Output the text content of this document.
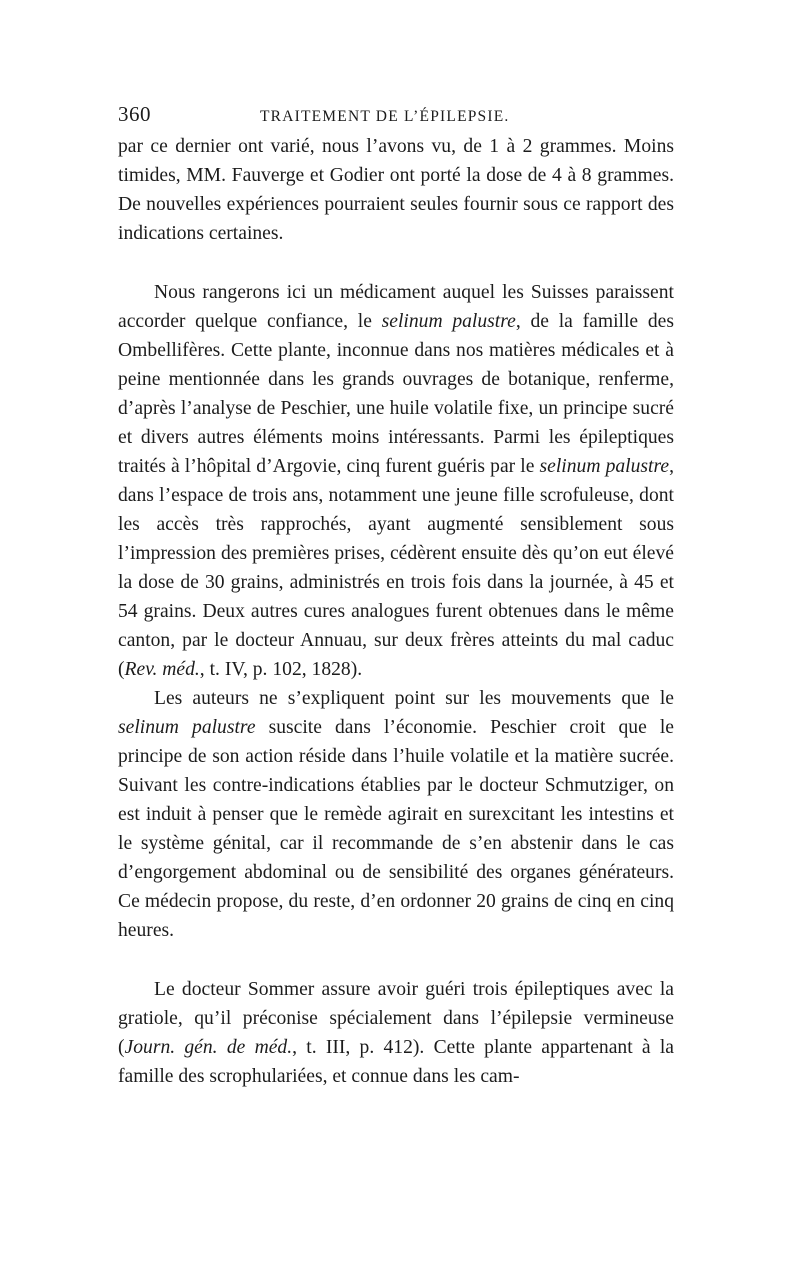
360	TRAITEMENT DE L’ÉPILEPSIE.

par ce dernier ont varié, nous l’avons vu, de 1 à 2 grammes. Moins timides, MM. Fauverge et Godier ont porté la dose de 4 à 8 grammes. De nouvelles expériences pourraient seules fournir sous ce rapport des indications certaines.

Nous rangerons ici un médicament auquel les Suisses paraissent accorder quelque confiance, le selinum palustre, de la famille des Ombellifères. Cette plante, inconnue dans nos matières médicales et à peine mentionnée dans les grands ouvrages de botanique, renferme, d’après l’analyse de Peschier, une huile volatile fixe, un principe sucré et divers autres éléments moins intéressants. Parmi les épileptiques traités à l’hôpital d’Argovie, cinq furent guéris par le selinum palustre, dans l’espace de trois ans, notamment une jeune fille scrofuleuse, dont les accès très rapprochés, ayant augmenté sensiblement sous l’impression des premières prises, cédèrent ensuite dès qu’on eut élevé la dose de 30 grains, administrés en trois fois dans la journée, à 45 et 54 grains. Deux autres cures analogues furent obtenues dans le même canton, par le docteur Annuau, sur deux frères atteints du mal caduc (Rev. méd., t. IV, p. 102, 1828).

Les auteurs ne s’expliquent point sur les mouvements que le selinum palustre suscite dans l’économie. Peschier croit que le principe de son action réside dans l’huile volatile et la matière sucrée. Suivant les contre-indications établies par le docteur Schmutziger, on est induit à penser que le remède agirait en surexcitant les intestins et le système génital, car il recommande de s’en abstenir dans le cas d’engorgement abdominal ou de sensibilité des organes générateurs. Ce médecin propose, du reste, d’en ordonner 20 grains de cinq en cinq heures.

Le docteur Sommer assure avoir guéri trois épileptiques avec la gratiole, qu’il préconise spécialement dans l’épilepsie vermineuse (Journ. gén. de méd., t. III, p. 412). Cette plante appartenant à la famille des scrophulariées, et connue dans les cam-
